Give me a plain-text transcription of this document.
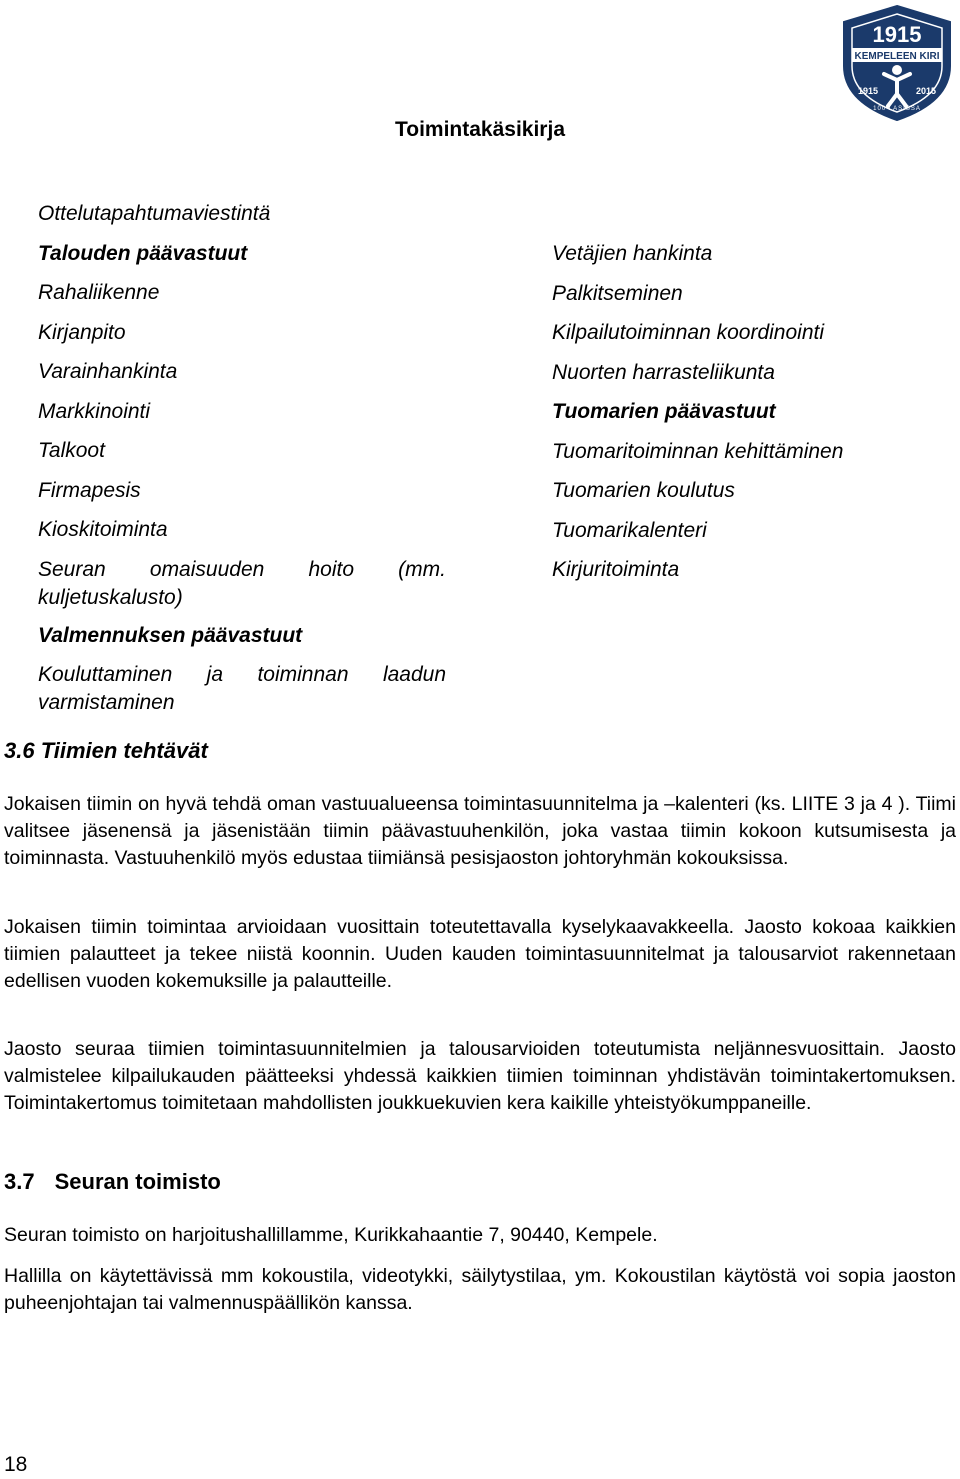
1915
KEMPELEEN KIRI
1915	2015
100 LASISSA
Toimintakäsikirja
Ottelutapahtumaviestintä
Talouden päävastuut
Rahaliikenne
Kirjanpito
Varainhankinta
Markkinointi
Talkoot
Firmapesis
Kioskitoiminta
Seuran omaisuuden hoito (mm.
kuljetuskalusto)
Valmennuksen päävastuut
Kouluttaminen ja toiminnan laadun
varmistaminen
Vetäjien hankinta
Palkitseminen
Kilpailutoiminnan koordinointi
Nuorten harrasteliikunta
Tuomarien päävastuut
Tuomaritoiminnan kehittäminen
Tuomarien koulutus
Tuomarikalenteri
Kirjuritoiminta
3.6 Tiimien tehtävät

Jokaisen tiimin on hyvä tehdä oman vastuualueensa toimintasuunnitelma ja –kalenteri (ks. LIITE 3 ja 4 ). Tiimi valitsee jäsenensä ja jäsenistään tiimin päävastuuhenkilön, joka vastaa tiimin kokoon kutsumisesta ja toiminnasta. Vastuuhenkilö myös edustaa tiimiänsä pesisjaoston johtoryhmän kokouksissa.

Jokaisen tiimin toimintaa arvioidaan vuosittain toteutettavalla kyselykaavakkeella. Jaosto kokoaa kaikkien tiimien palautteet ja tekee niistä koonnin. Uuden kauden toimintasuunnitelmat ja talousarviot rakennetaan edellisen vuoden kokemuksille ja palautteille.

Jaosto seuraa tiimien toimintasuunnitelmien ja talousarvioiden toteutumista neljännesvuosittain. Jaosto valmistelee kilpailukauden päätteeksi yhdessä kaikkien tiimien toiminnan yhdistävän toimintakertomuksen. Toimintakertomus toimitetaan mahdollisten joukkuekuvien kera kaikille yhteistyökumppaneille.

3.7 Seuran toimisto

Seuran toimisto on harjoitushallillamme, Kurikkahaantie 7, 90440, Kempele.

Hallilla on käytettävissä mm kokoustila, videotykki, säilytystilaa, ym. Kokoustilan käytöstä voi sopia jaoston puheenjohtajan tai valmennuspäällikön kanssa.

18
